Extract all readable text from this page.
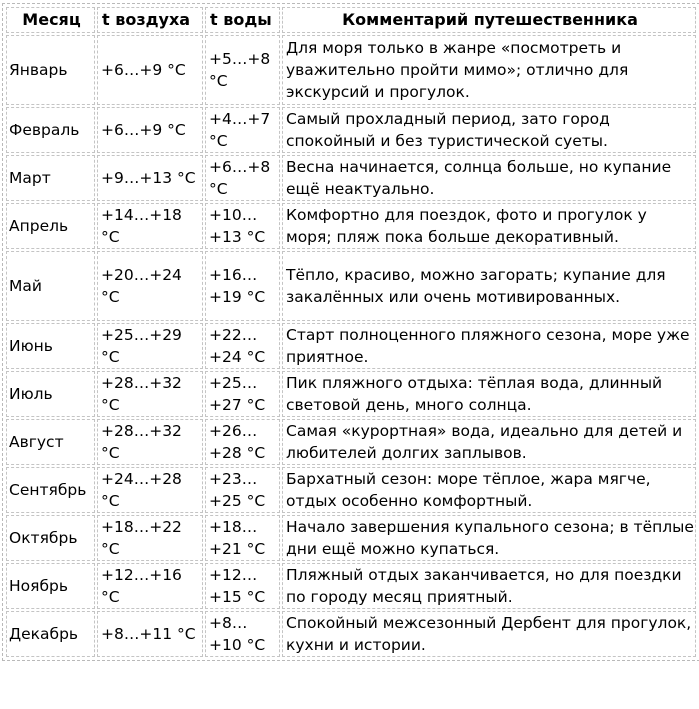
Месяц	t воздуха	t воды	Комментарий путешественника
Январь	+6…+9 °C	+5…+8 °C	Для моря только в жанре «посмотреть и уважительно пройти мимо»; отлично для экскурсий и прогулок.
Февраль	+6…+9 °C	+4…+7 °C	Самый прохладный период, зато город спокойный и без туристической суеты.
Март	+9…+13 °C	+6…+8 °C	Весна начинается, солнца больше, но купание ещё неактуально.
Апрель	+14…+18 °C	+10… +13 °C	Комфортно для поездок, фото и прогулок у моря; пляж пока больше декоративный.
Май	+20…+24 °C	+16… +19 °C	Тёпло, красиво, можно загорать; купание для закалённых или очень мотивированных.
Июнь	+25…+29 °C	+22… +24 °C	Старт полноценного пляжного сезона, море уже приятное.
Июль	+28…+32 °C	+25… +27 °C	Пик пляжного отдыха: тёплая вода, длинный световой день, много солнца.
Август	+28…+32 °C	+26… +28 °C	Самая «курортная» вода, идеально для детей и любителей долгих заплывов.
Сентябрь	+24…+28 °C	+23… +25 °C	Бархатный сезон: море тёплое, жара мягче, отдых особенно комфортный.
Октябрь	+18…+22 °C	+18… +21 °C	Начало завершения купального сезона; в тёплые дни ещё можно купаться.
Ноябрь	+12…+16 °C	+12… +15 °C	Пляжный отдых заканчивается, но для поездки по городу месяц приятный.
Декабрь	+8…+11 °C	+8… +10 °C	Спокойный межсезонный Дербент для прогулок, кухни и истории.
